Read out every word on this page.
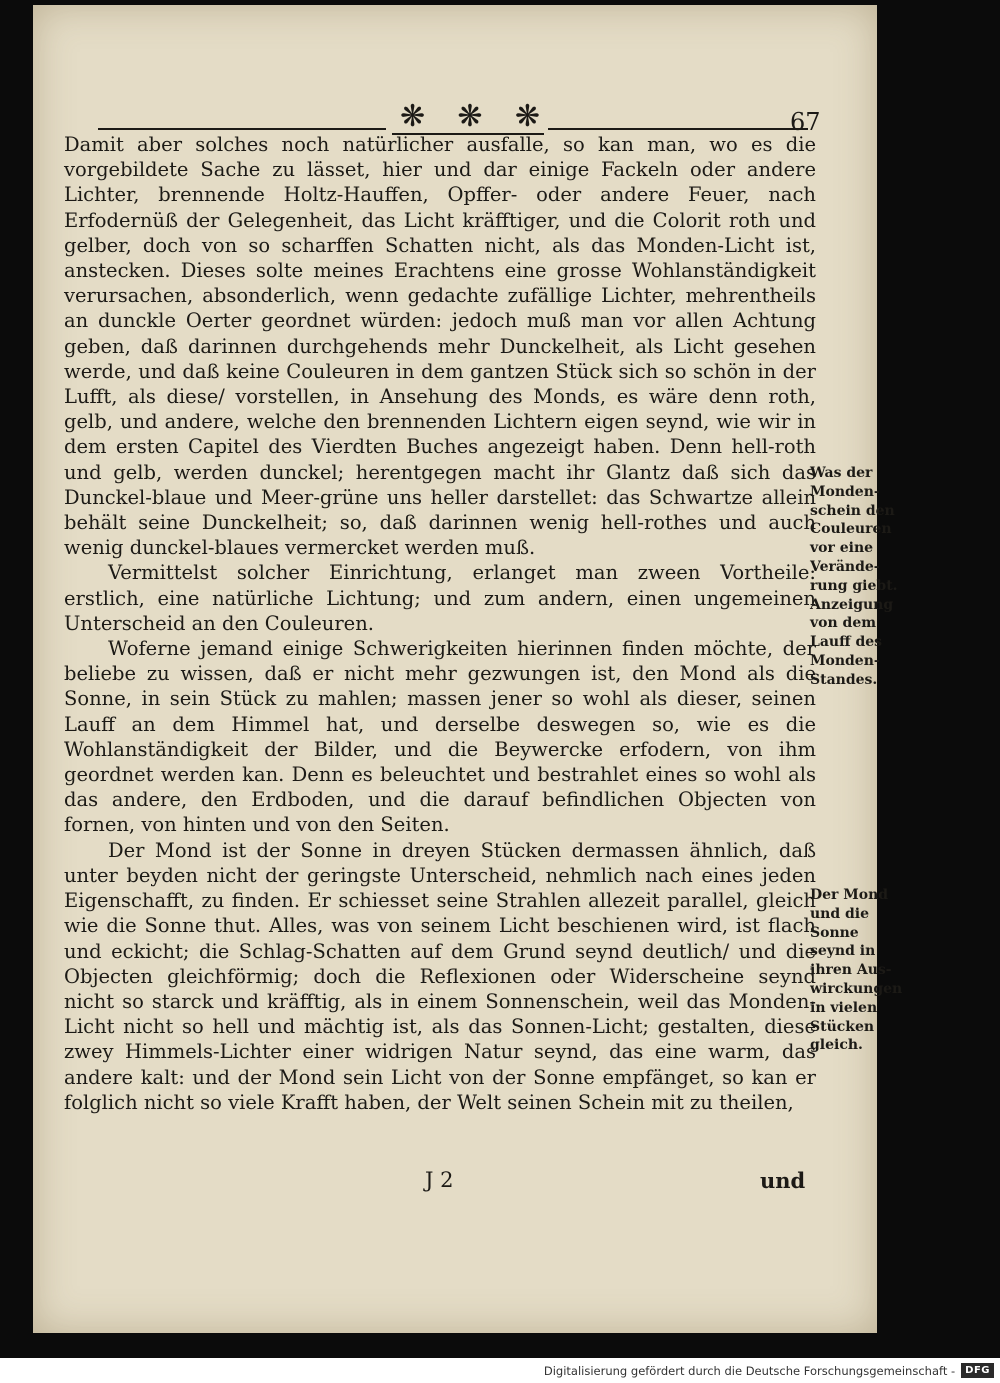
❋ ❋ ❋	67

Damit aber solches noch natürlicher ausfalle, so kan man, wo es die vorgebildete Sache zu lässet, hier und dar einige Fackeln oder andere Lichter, brennende Holtz-Hauffen, Opffer- oder andere Feuer, nach Erfodernüß der Gelegenheit, das Licht kräfftiger, und die Colorit roth und gelber, doch von so scharffen Schatten nicht, als das Monden-Licht ist, anstecken. Dieses solte meines Erachtens eine grosse Wohlanständigkeit verursachen, absonderlich, wenn gedachte zufällige Lichter, mehrentheils an dunckle Oerter geordnet würden: jedoch muß man vor allen Achtung geben, daß darinnen durchgehends mehr Dunckelheit, als Licht gesehen werde, und daß keine Couleuren in dem gantzen Stück sich so schön in der Lufft, als diese/ vorstellen, in Ansehung des Monds, es wäre denn roth, gelb, und andere, welche den brennenden Lichtern eigen seynd, wie wir in dem ersten Capitel des Vierdten Buches angezeigt haben. Denn hell-roth und gelb, werden dunckel; herentgegen macht ihr Glantz daß sich das Dunckel-blaue und Meer-grüne uns heller darstellet: das Schwartze allein behält seine Dunckelheit; so, daß darinnen wenig hell-rothes und auch wenig dunckel-blaues vermercket werden muß.

Vermittelst solcher Einrichtung, erlanget man zween Vortheile: erstlich, eine natürliche Lichtung; und zum andern, einen ungemeinen Unterscheid an den Couleuren.

Woferne jemand einige Schwerigkeiten hierinnen finden möchte, der beliebe zu wissen, daß er nicht mehr gezwungen ist, den Mond als die Sonne, in sein Stück zu mahlen; massen jener so wohl als dieser, seinen Lauff an dem Himmel hat, und derselbe deswegen so, wie es die Wohlanständigkeit der Bilder, und die Beywercke erfodern, von ihm geordnet werden kan. Denn es beleuchtet und bestrahlet eines so wohl als das andere, den Erdboden, und die darauf befindlichen Objecten von fornen, von hinten und von den Seiten.

Der Mond ist der Sonne in dreyen Stücken dermassen ähnlich, daß unter beyden nicht der geringste Unterscheid, nehmlich nach eines jeden Eigenschafft, zu finden. Er schiesset seine Strahlen allezeit parallel, gleich wie die Sonne thut. Alles, was von seinem Licht beschienen wird, ist flach und eckicht; die Schlag-Schatten auf dem Grund seynd deutlich/ und die Objecten gleichförmig; doch die Reflexionen oder Widerscheine seynd nicht so starck und kräfftig, als in einem Sonnenschein, weil das Monden-Licht nicht so hell und mächtig ist, als das Sonnen-Licht; gestalten, diese zwey Himmels-Lichter einer widrigen Natur seynd, das eine warm, das andere kalt: und der Mond sein Licht von der Sonne empfänget, so kan er folglich nicht so viele Krafft haben, der Welt seinen Schein mit zu theilen,

Was der Monden-schein den Couleuren vor eine Verände-rung giebt. Anzeigung von dem Lauff des Monden-Standes.
Der Mond und die Sonne seynd in ihren Aus-wirckungen in vielen Stücken gleich.
J 2	und
Digitalisierung gefördert durch die Deutsche Forschungsgemeinschaft -	DFG
